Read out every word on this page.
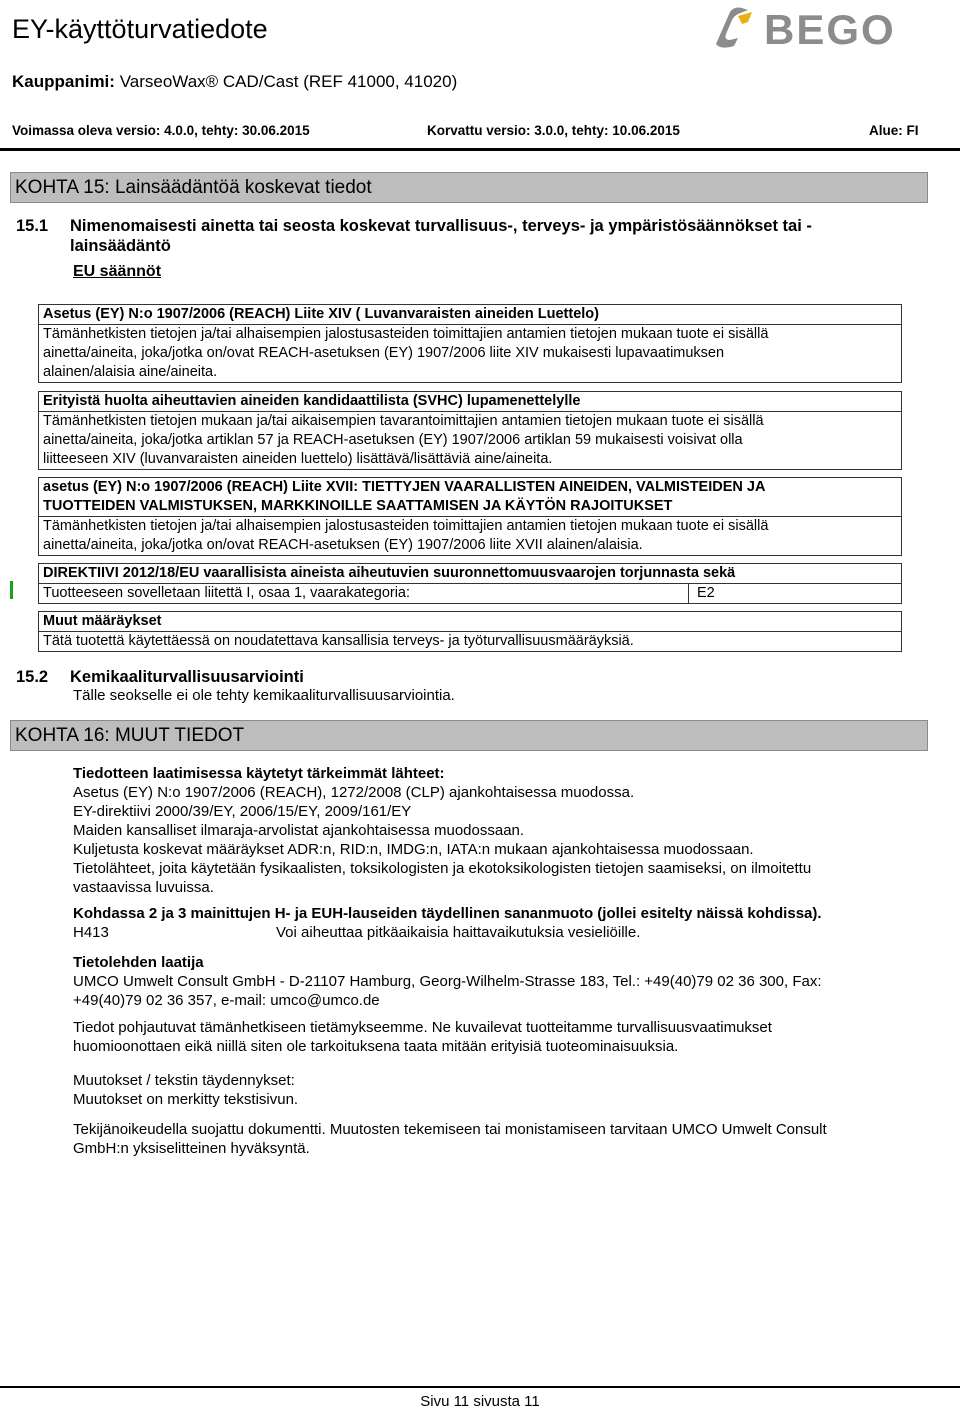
EY-käyttöturvatiedote	BEGO
Kauppanimi: VarseoWax® CAD/Cast (REF 41000, 41020)
Voimassa oleva versio: 4.0.0, tehty: 30.06.2015	Korvattu versio: 3.0.0, tehty: 10.06.2015	Alue: FI
KOHTA 15: Lainsäädäntöä koskevat tiedot
15.1 Nimenomaisesti ainetta tai seosta koskevat turvallisuus-, terveys- ja ympäristösäännökset tai -
lainsäädäntö
EU säännöt
Asetus (EY) N:o 1907/2006 (REACH) Liite XIV ( Luvanvaraisten aineiden Luettelo)
Tämänhetkisten tietojen ja/tai alhaisempien jalostusasteiden toimittajien antamien tietojen mukaan tuote ei sisällä
ainetta/aineita, joka/jotka on/ovat REACH-asetuksen (EY) 1907/2006 liite XIV mukaisesti lupavaatimuksen
alainen/alaisia aine/aineita.
Erityistä huolta aiheuttavien aineiden kandidaattilista (SVHC) lupamenettelylle
Tämänhetkisten tietojen mukaan ja/tai aikaisempien tavarantoimittajien antamien tietojen mukaan tuote ei sisällä
ainetta/aineita, joka/jotka artiklan 57 ja REACH-asetuksen (EY) 1907/2006 artiklan 59 mukaisesti voisivat olla
liitteeseen XIV (luvanvaraisten aineiden luettelo) lisättävä/lisättäviä aine/aineita.
asetus (EY) N:o 1907/2006 (REACH) Liite XVII: TIETTYJEN VAARALLISTEN AINEIDEN, VALMISTEIDEN JA
TUOTTEIDEN VALMISTUKSEN, MARKKINOILLE SAATTAMISEN JA KÄYTÖN RAJOITUKSET
Tämänhetkisten tietojen ja/tai alhaisempien jalostusasteiden toimittajien antamien tietojen mukaan tuote ei sisällä
ainetta/aineita, joka/jotka on/ovat REACH-asetuksen (EY) 1907/2006 liite XVII alainen/alaisia.
DIREKTIIVI 2012/18/EU vaarallisista aineista aiheutuvien suuronnettomuusvaarojen torjunnasta sekä
Tuotteeseen sovelletaan liitettä I, osaa 1, vaarakategoria:	E2
Muut määräykset
Tätä tuotettä käytettäessä on noudatettava kansallisia terveys- ja työturvallisuusmääräyksiä.
15.2 Kemikaaliturvallisuusarviointi
Tälle seokselle ei ole tehty kemikaaliturvallisuusarviointia.
KOHTA 16: MUUT TIEDOT
Tiedotteen laatimisessa käytetyt tärkeimmät lähteet:
Asetus (EY) N:o 1907/2006 (REACH), 1272/2008 (CLP) ajankohtaisessa muodossa.
EY-direktiivi 2000/39/EY, 2006/15/EY, 2009/161/EY
Maiden kansalliset ilmaraja-arvolistat ajankohtaisessa muodossaan.
Kuljetusta koskevat määräykset ADR:n, RID:n, IMDG:n, IATA:n mukaan ajankohtaisessa muodossaan.
Tietolähteet, joita käytetään fysikaalisten, toksikologisten ja ekotoksikologisten tietojen saamiseksi, on ilmoitettu
vastaavissa luvuissa.
Kohdassa 2 ja 3 mainittujen H- ja EUH-lauseiden täydellinen sananmuoto (jollei esitelty näissä kohdissa).
H413	Voi aiheuttaa pitkäaikaisia haittavaikutuksia vesieliöille.
Tietolehden laatija
UMCO Umwelt Consult GmbH - D-21107 Hamburg, Georg-Wilhelm-Strasse 183, Tel.: +49(40)79 02 36 300, Fax:
+49(40)79 02 36 357, e-mail: umco@umco.de
Tiedot pohjautuvat tämänhetkiseen tietämykseemme. Ne kuvailevat tuotteitamme turvallisuusvaatimukset
huomioonottaen eikä niillä siten ole tarkoituksena taata mitään erityisiä tuoteominaisuuksia.
Muutokset / tekstin täydennykset:
Muutokset on merkitty tekstisivun.
Tekijänoikeudella suojattu dokumentti. Muutosten tekemiseen tai monistamiseen tarvitaan UMCO Umwelt Consult
GmbH:n yksiselitteinen hyväksyntä.
Sivu 11 sivusta 11
